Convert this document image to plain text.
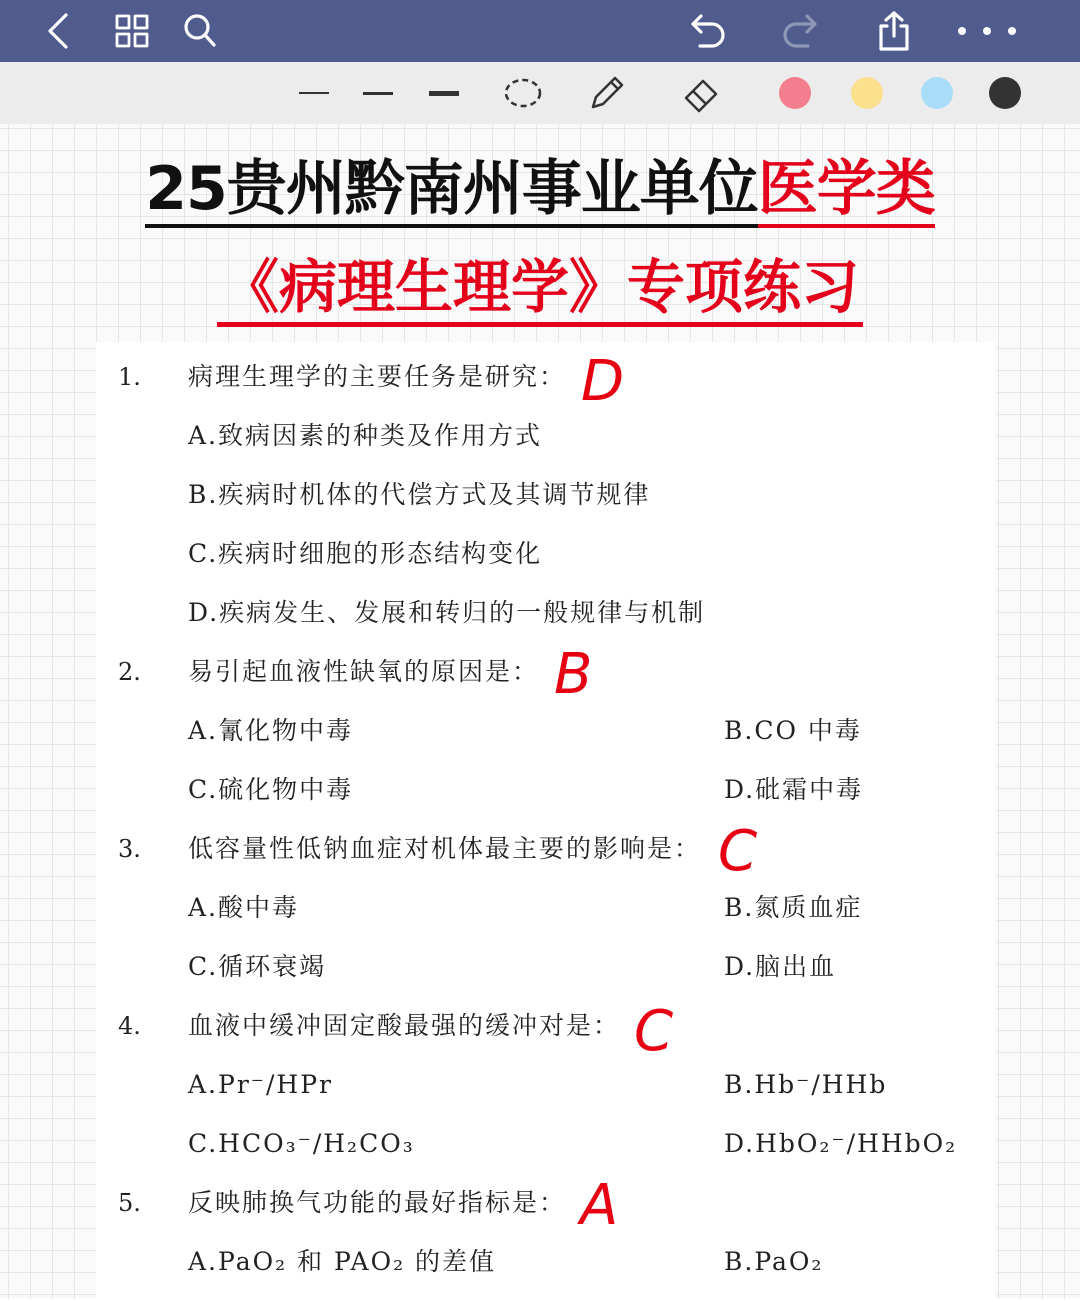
25贵州黔南州事业单位医学类
《病理生理学》专项练习
1. 病理生理学的主要任务是研究： D
A.致病因素的种类及作用方式
B.疾病时机体的代偿方式及其调节规律
C.疾病时细胞的形态结构变化
D.疾病发生、发展和转归的一般规律与机制
2. 易引起血液性缺氧的原因是： B
A.氰化物中毒	B.CO 中毒
C.硫化物中毒	D.砒霜中毒
3. 低容量性低钠血症对机体最主要的影响是： C
A.酸中毒	B.氮质血症
C.循环衰竭	D.脑出血
4. 血液中缓冲固定酸最强的缓冲对是： C
A.Pr⁻/HPr	B.Hb⁻/HHb
C.HCO₃⁻/H₂CO₃	D.HbO₂⁻/HHbO₂
5. 反映肺换气功能的最好指标是： A
A.PaO₂ 和 PAO₂ 的差值	B.PaO₂
